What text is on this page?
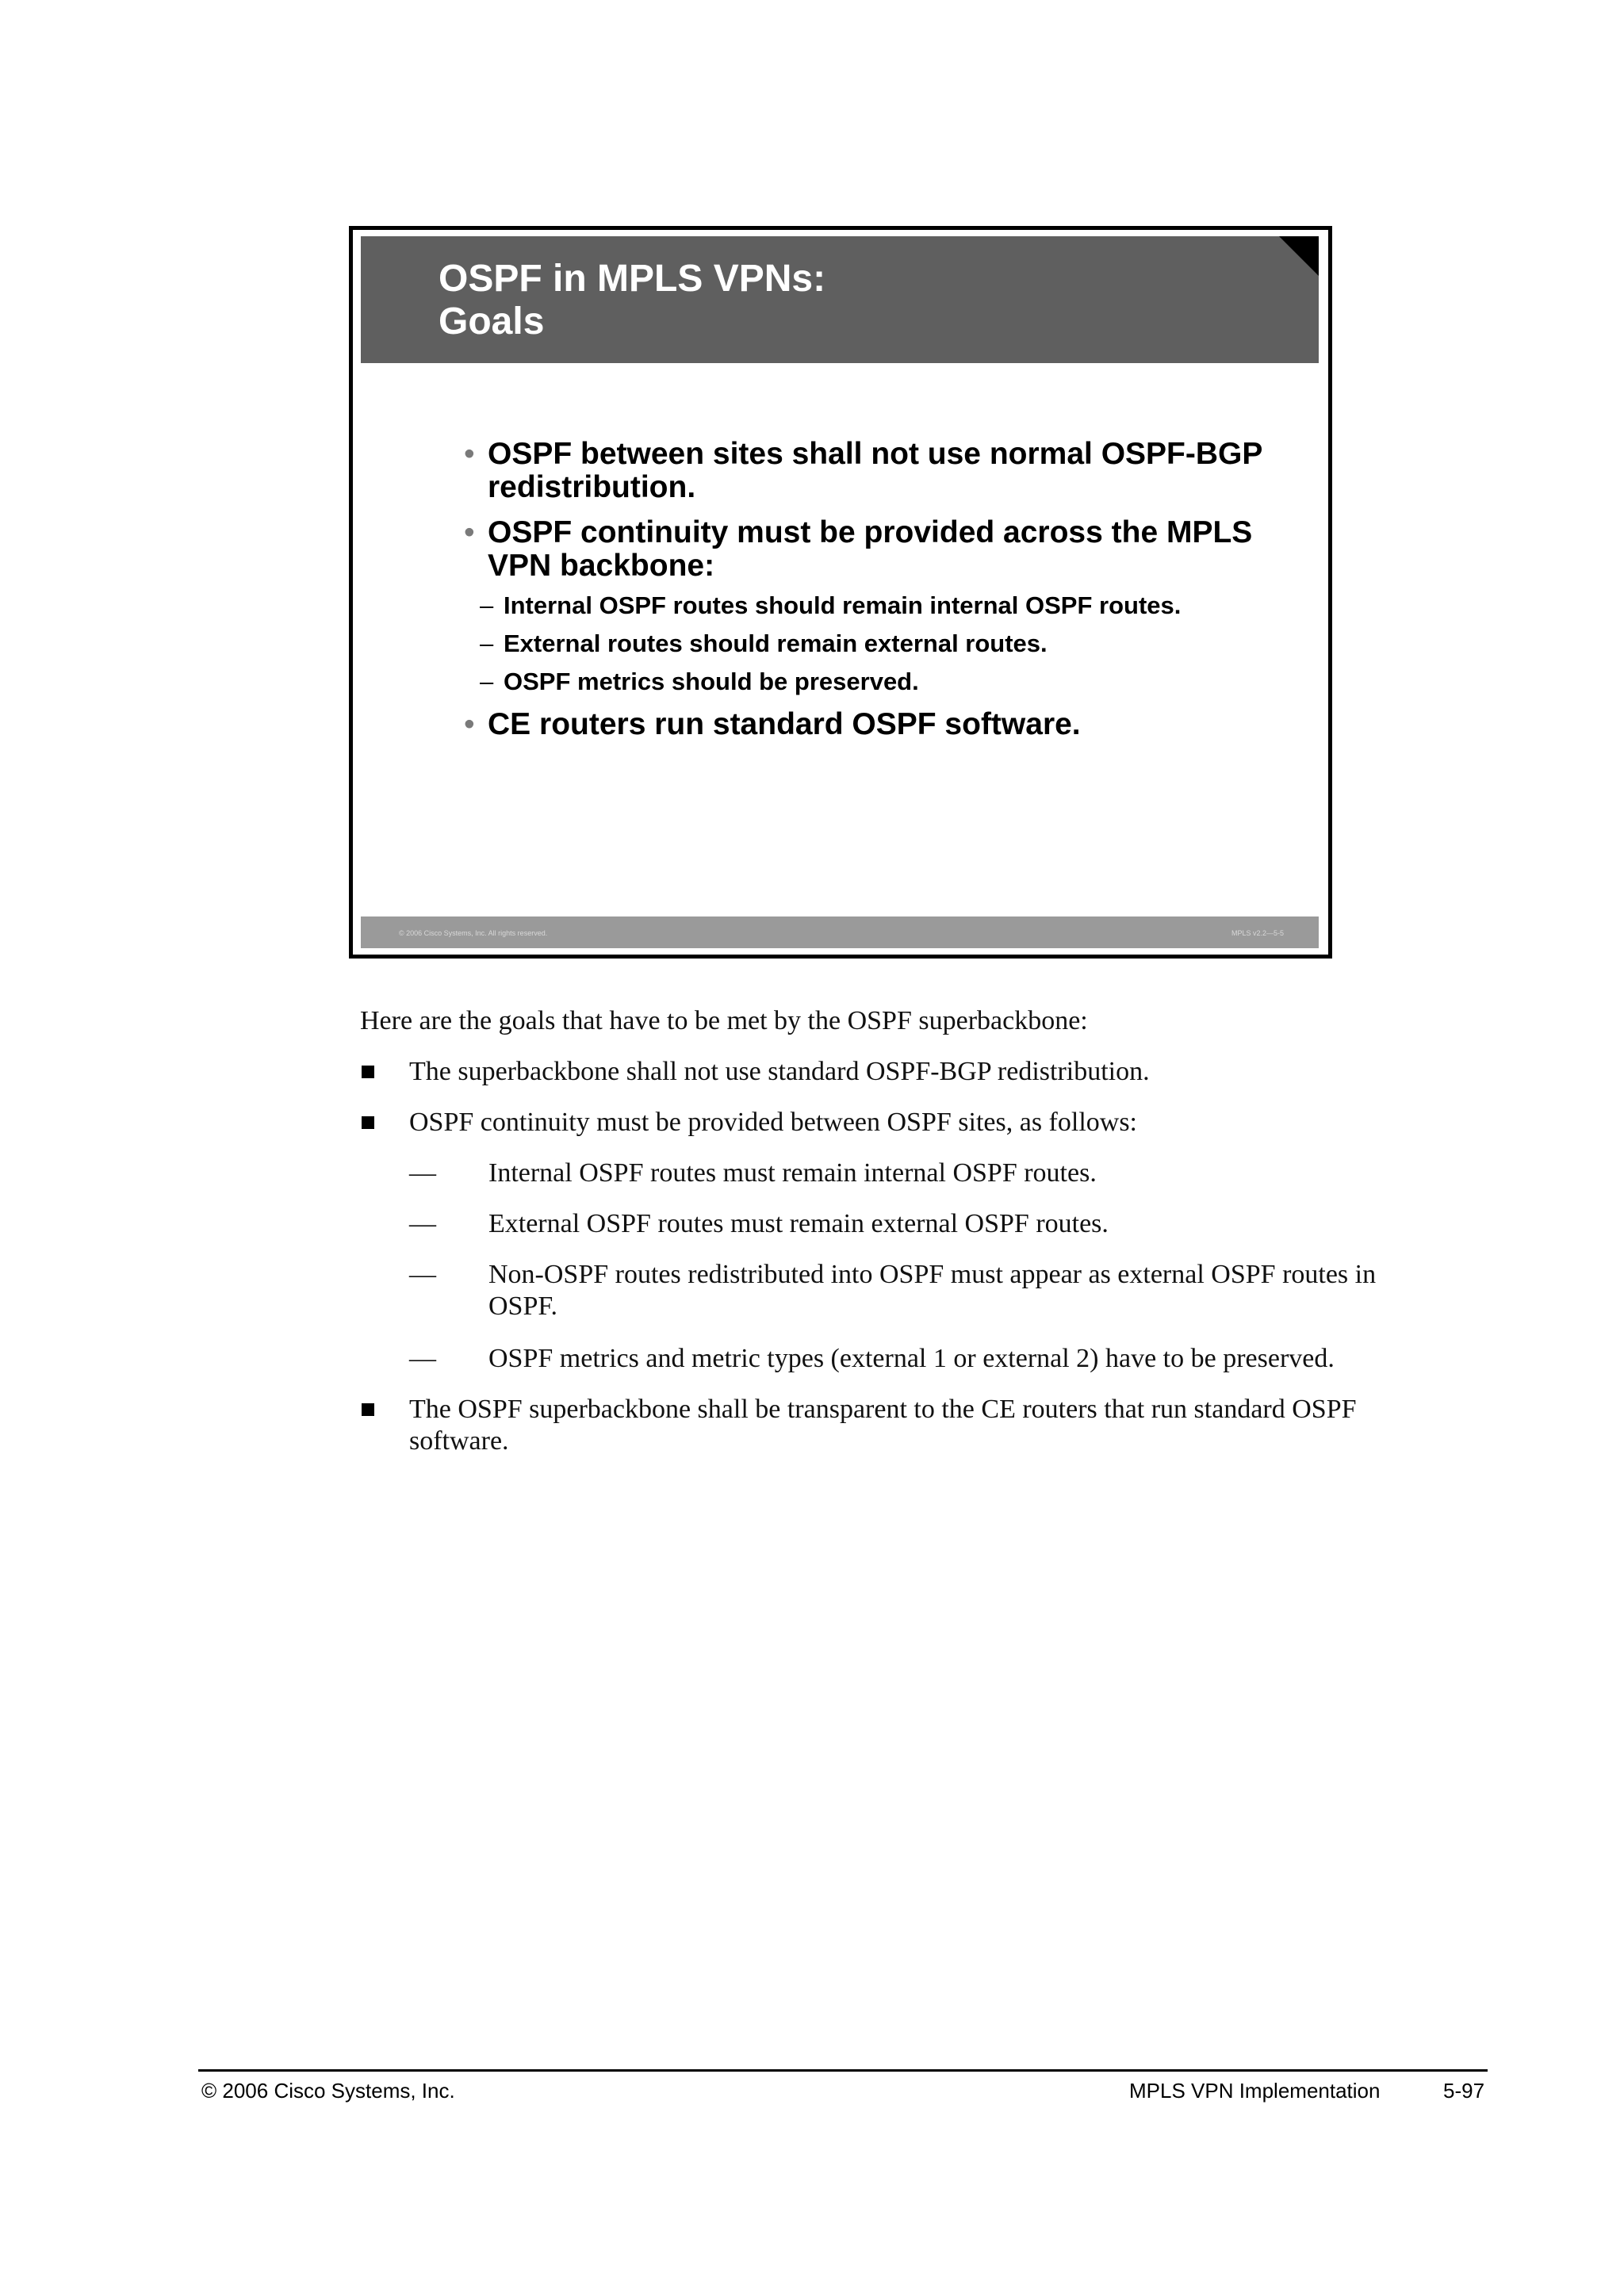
OSPF in MPLS VPNs:
Goals
• OSPF between sites shall not use normal OSPF-BGP redistribution.
• OSPF continuity must be provided across the MPLS VPN backbone:
– Internal OSPF routes should remain internal OSPF routes.
– External routes should remain external routes.
– OSPF metrics should be preserved.
• CE routers run standard OSPF software.
© 2006 Cisco Systems, Inc. All rights reserved.	MPLS v2.2—5-5

Here are the goals that have to be met by the OSPF superbackbone:

The superbackbone shall not use standard OSPF-BGP redistribution.
OSPF continuity must be provided between OSPF sites, as follows:
— Internal OSPF routes must remain internal OSPF routes.
— External OSPF routes must remain external OSPF routes.
— Non-OSPF routes redistributed into OSPF must appear as external OSPF routes in OSPF.
— OSPF metrics and metric types (external 1 or external 2) have to be preserved.
The OSPF superbackbone shall be transparent to the CE routers that run standard OSPF software.
© 2006 Cisco Systems, Inc.	MPLS VPN Implementation	5-97
